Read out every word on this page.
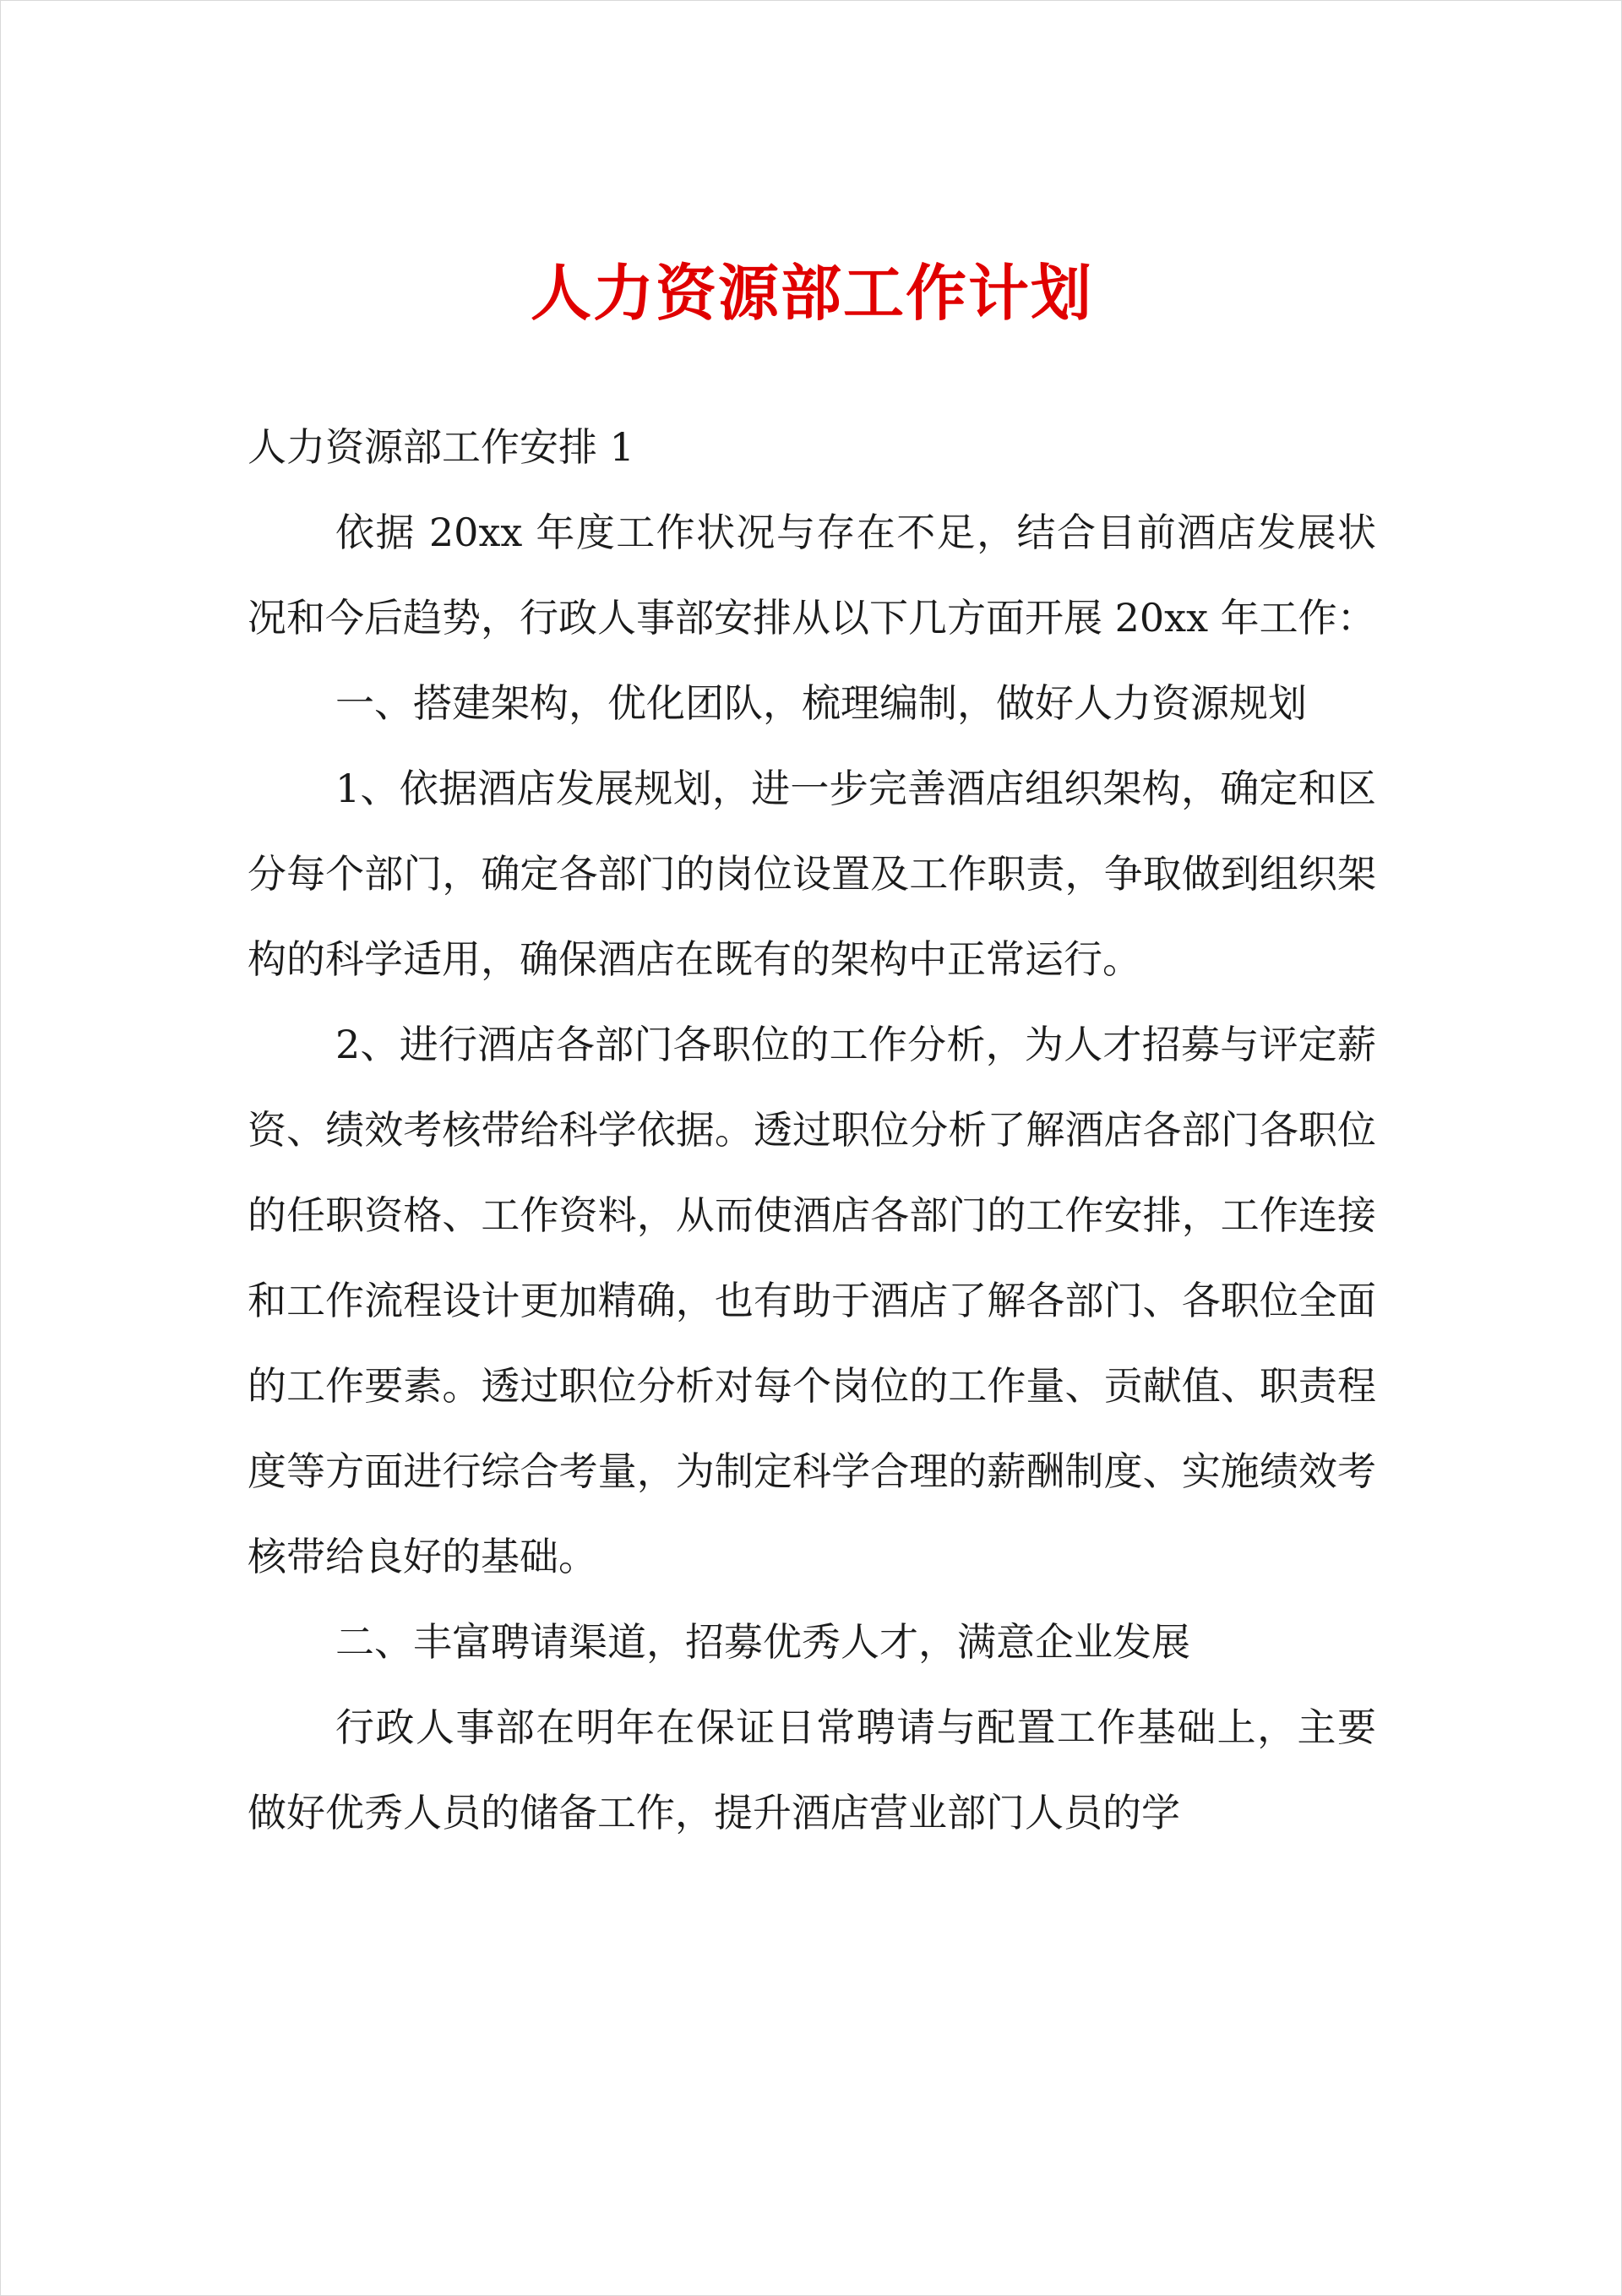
人力资源部工作计划

人力资源部工作安排 1

依据 20xx 年度工作状况与存在不足，结合目前酒店发展状况和今后趋势，行政人事部安排从以下几方面开展 20xx 年工作：

一、搭建架构，优化团队，梳理编制，做好人力资源规划

1、依据酒店发展规划，进一步完善酒店组织架构，确定和区分每个部门，确定各部门的岗位设置及工作职责，争取做到组织架构的科学适用，确保酒店在既有的架构中正常运行。

2、进行酒店各部门各职位的工作分析，为人才招募与评定薪资、绩效考核带给科学依据。透过职位分析了解酒店各部门各职位的任职资格、工作资料，从而使酒店各部门的工作安排，工作连接和工作流程设计更加精确，也有助于酒店了解各部门、各职位全面的工作要素。透过职位分析对每个岗位的工作量、贡献值、职责程度等方面进行综合考量，为制定科学合理的薪酬制度、实施绩效考核带给良好的基础。

二、丰富聘请渠道，招募优秀人才，满意企业发展

行政人事部在明年在保证日常聘请与配置工作基础上，主要做好优秀人员的储备工作，提升酒店营业部门人员的学
